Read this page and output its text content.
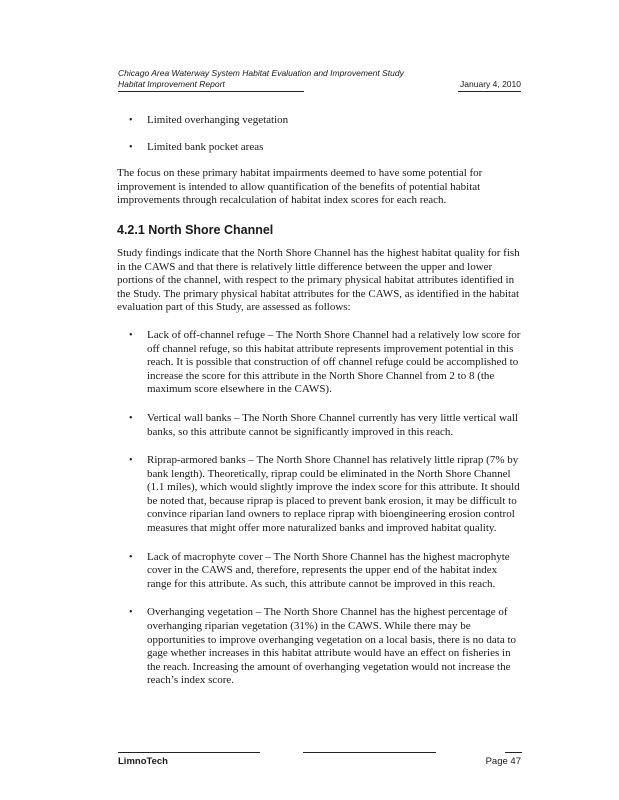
Chicago Area Waterway System Habitat Evaluation and Improvement Study
Habitat Improvement Report	January 4, 2010
• Limited overhanging vegetation
• Limited bank pocket areas

The focus on these primary habitat impairments deemed to have some potential for improvement is intended to allow quantification of the benefits of potential habitat improvements through recalculation of habitat index scores for each reach.

4.2.1 North Shore Channel

Study findings indicate that the North Shore Channel has the highest habitat quality for fish in the CAWS and that there is relatively little difference between the upper and lower portions of the channel, with respect to the primary physical habitat attributes identified in the Study. The primary physical habitat attributes for the CAWS, as identified in the habitat evaluation part of this Study, are assessed as follows:

• Lack of off-channel refuge – The North Shore Channel had a relatively low score for off channel refuge, so this habitat attribute represents improvement potential in this reach. It is possible that construction of off channel refuge could be accomplished to increase the score for this attribute in the North Shore Channel from 2 to 8 (the maximum score elsewhere in the CAWS).
• Vertical wall banks – The North Shore Channel currently has very little vertical wall banks, so this attribute cannot be significantly improved in this reach.
• Riprap-armored banks – The North Shore Channel has relatively little riprap (7% by bank length). Theoretically, riprap could be eliminated in the North Shore Channel (1.1 miles), which would slightly improve the index score for this attribute. It should be noted that, because riprap is placed to prevent bank erosion, it may be difficult to convince riparian land owners to replace riprap with bioengineering erosion control measures that might offer more naturalized banks and improved habitat quality.
• Lack of macrophyte cover – The North Shore Channel has the highest macrophyte cover in the CAWS and, therefore, represents the upper end of the habitat index range for this attribute. As such, this attribute cannot be improved in this reach.
• Overhanging vegetation – The North Shore Channel has the highest percentage of overhanging riparian vegetation (31%) in the CAWS. While there may be opportunities to improve overhanging vegetation on a local basis, there is no data to gage whether increases in this habitat attribute would have an effect on fisheries in the reach. Increasing the amount of overhanging vegetation would not increase the reach’s index score.
LimnoTech	Page 47
